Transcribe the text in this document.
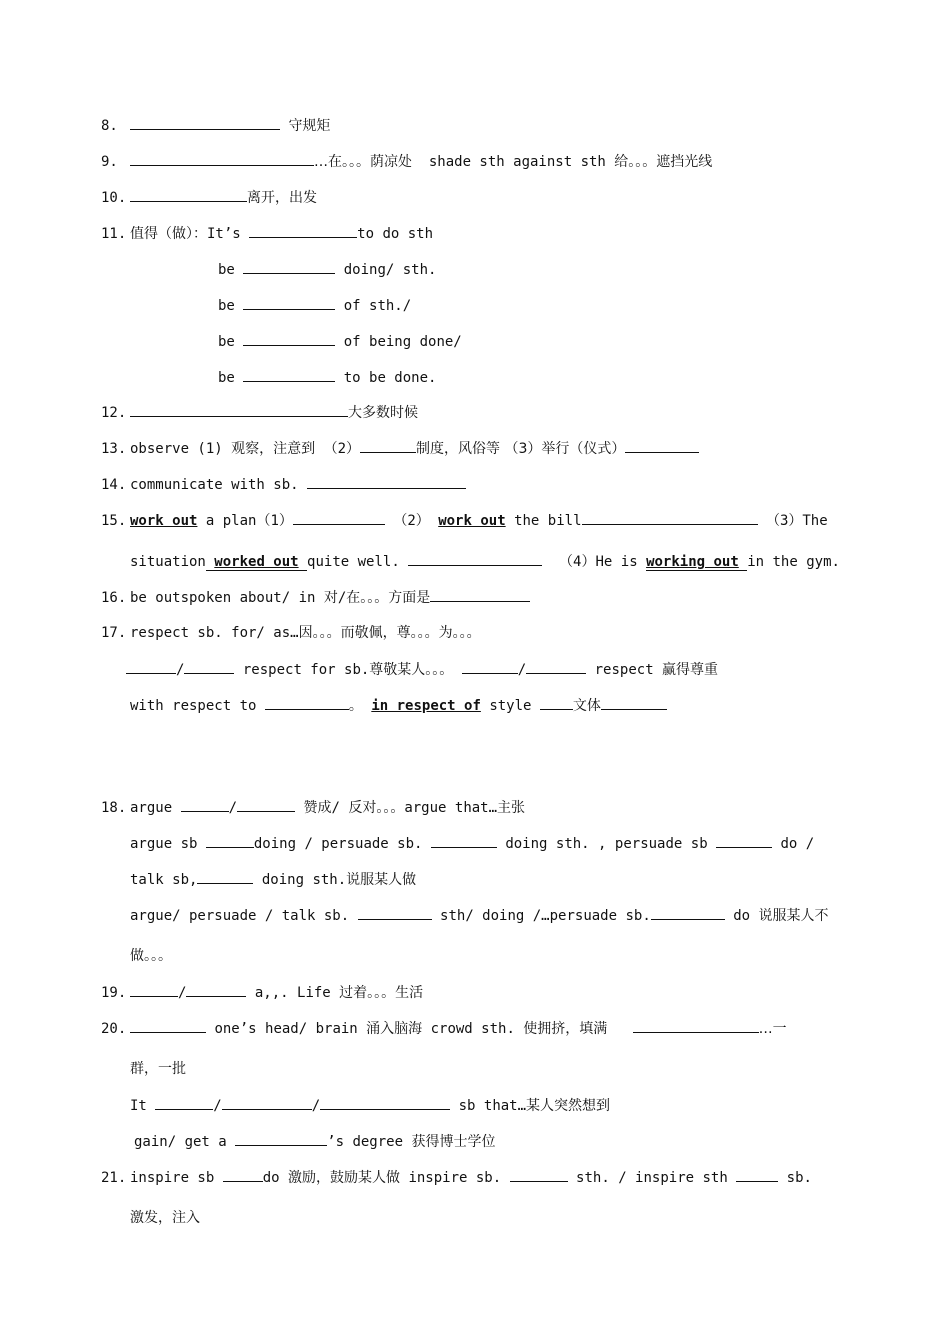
8.	守规矩
9.	…在。。。荫凉处 shade sth against sth 给。。。遮挡光线
10.	离开，出发
11. 值得（做）：It’s	to do sth
be	doing/ sth.
be	of sth./
be	of being done/
be	to be done.
12.	大多数时候
13. observe (1) 观察，注意到 （2）	制度，风俗等 （3）举行（仪式）
14. communicate with sb.
15. work out a plan（1）	（2） work out the bill	（3）The
situation worked out quite well.	（4）He is working out in the gym.
16. be outspoken about/ in 对/在。。。方面是
17. respect sb. for/ as…因。。。而敬佩，尊。。。为。。。
/	respect for sb.尊敬某人。。。	/	respect 赢得尊重
with respect to	。 in respect of style	文体
18. argue	/	赞成/ 反对。。。argue that…主张
argue sb	doing / persuade sb.	doing sth. , persuade sb	do /
talk sb,	doing sth.说服某人做
argue/ persuade / talk sb.	sth/ doing /…persuade sb.	do 说服某人不
做。。。
19.	/	a,,. Life 过着。。。生活
20.	one’s head/ brain 涌入脑海 crowd sth. 使拥挤，填满	…一
群，一批
It	/	/	sb that…某人突然想到
gain/ get a	’s degree 获得博士学位
21. inspire sb	do 激励，鼓励某人做 inspire sb.	sth. / inspire sth	sb.
激发，注入
